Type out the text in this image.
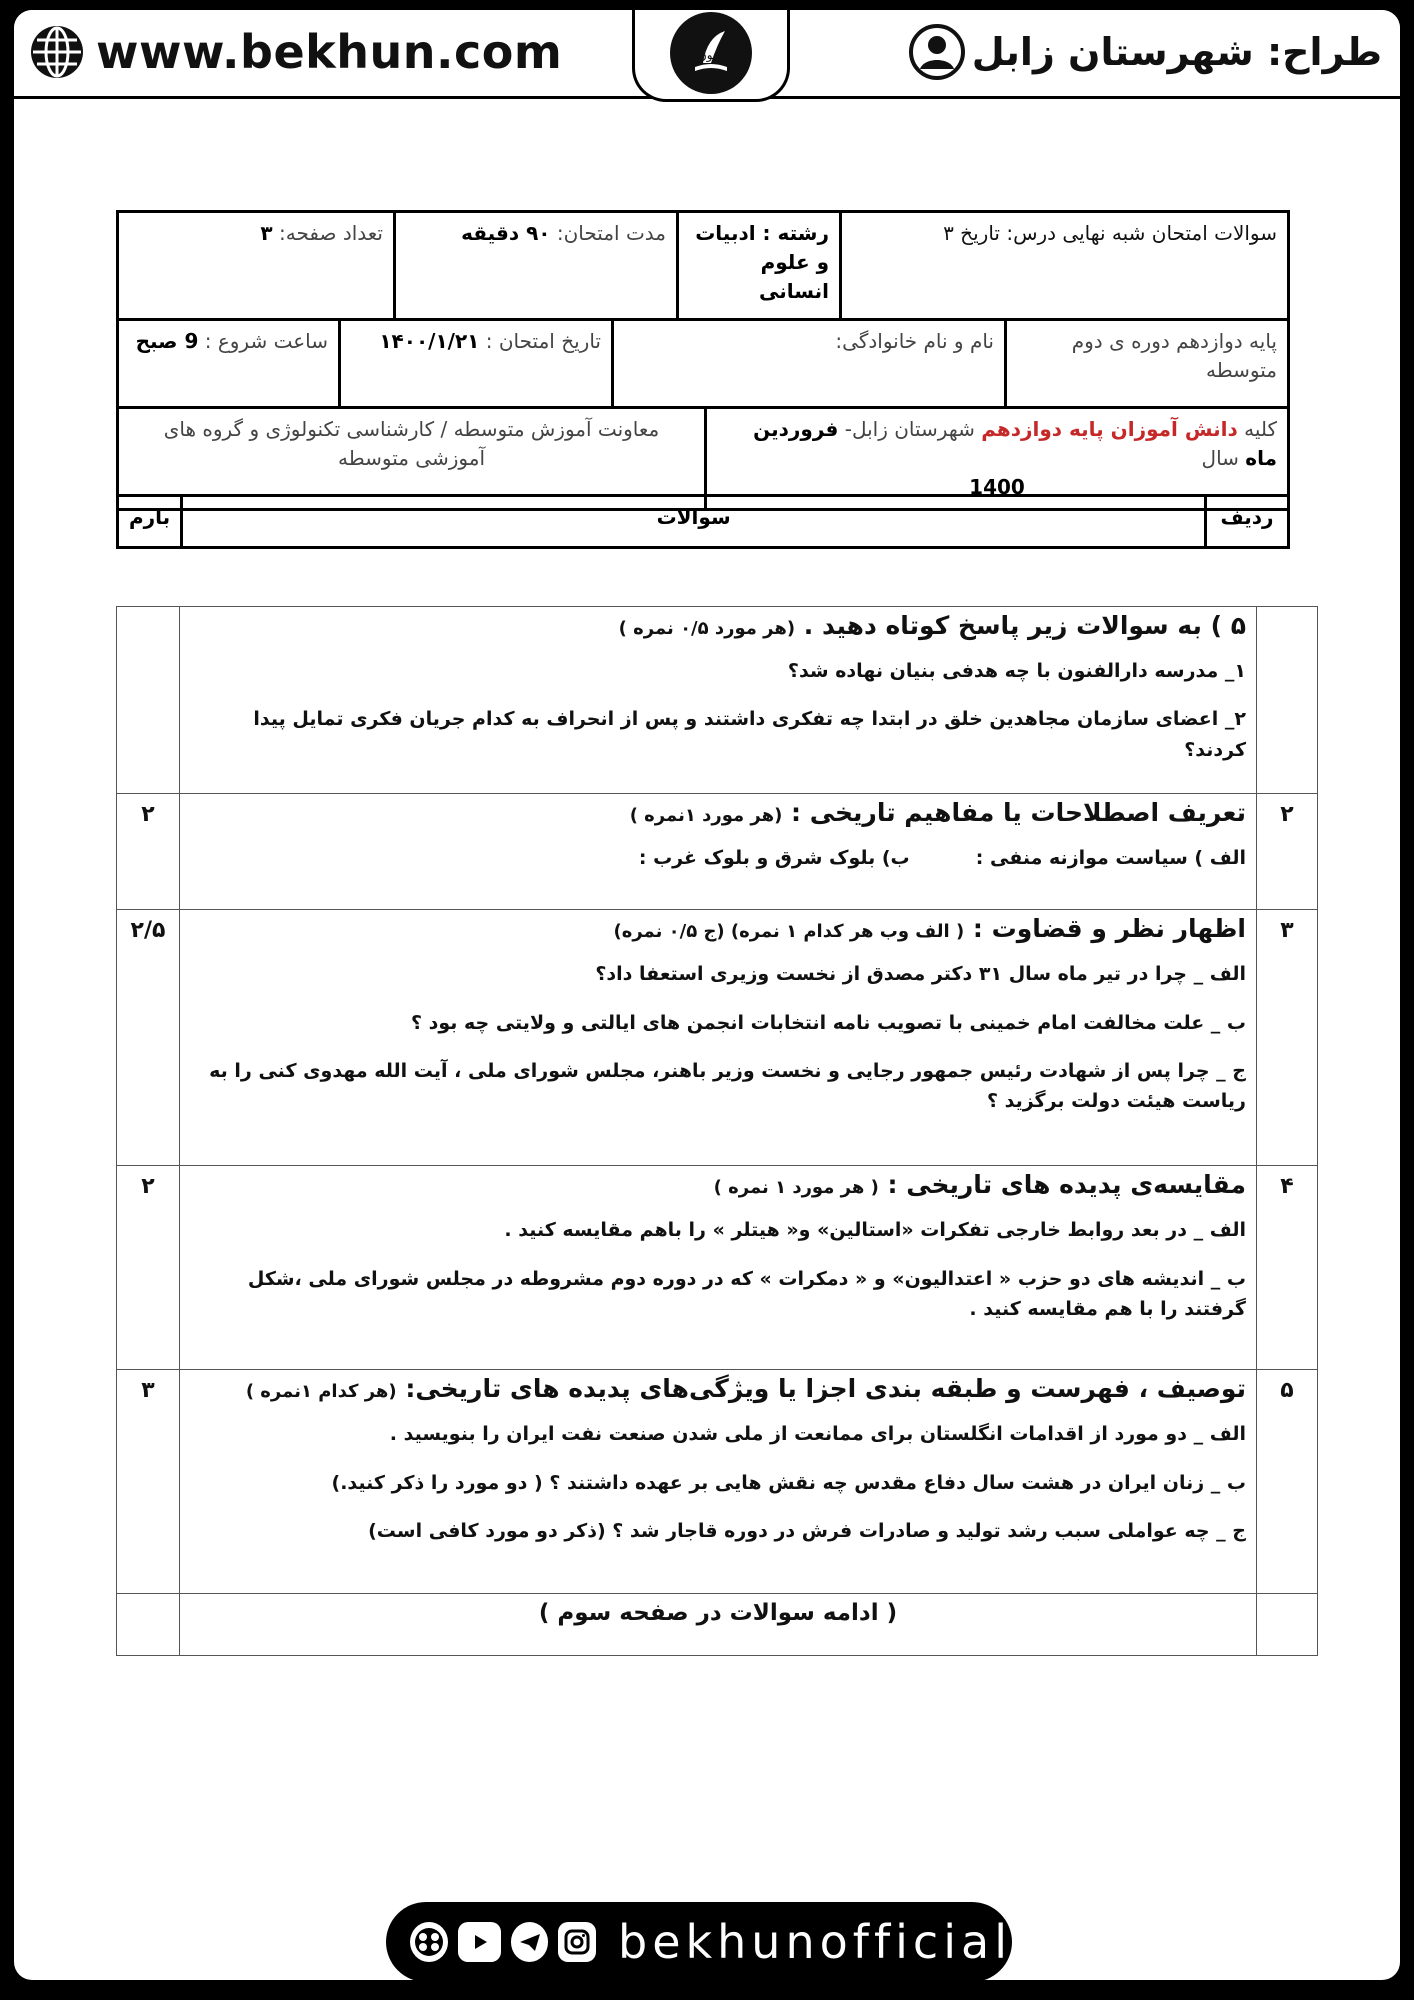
طراح: شهرستان زابل
بخون
www.bekhun.com
سوالات امتحان شبه نهایی درس: تاریخ ۳	رشته : ادبیات و علوم انسانی	مدت امتحان: ۹۰ دقیقه	تعداد صفحه: ۳
پایه دوازدهم دوره ی دوم متوسطه	نام و نام خانوادگی:	تاریخ امتحان : ۱۴۰۰/۱/۲۱	ساعت شروع : 9 صبح
کلیه دانش آموزان پایه دوازدهم شهرستان زابل- فروردین ماه سال
1400
	معاونت آموزش متوسطه / کارشناسی تکنولوژی و گروه های آموزشی متوسطه
ردیف	سوالات	بارم

	۵ ) به سوالات زیر پاسخ کوتاه دهید . (هر مورد ۰/۵ نمره )
۱_ مدرسه دارالفنون با چه هدفی بنیان نهاده شد؟
۲_ اعضای سازمان مجاهدین خلق در ابتدا چه تفکری داشتند و پس از انحراف به کدام جریان فکری تمایل پیدا کردند؟	

۲	تعریف اصطلاحات یا مفاهیم تاریخی : (هر مورد ۱نمره )
الف ) سیاست موازنه منفی :          ب) بلوک شرق و بلوک غرب :	۲
۳	اظهار نظر و قضاوت : ( الف وب هر کدام ۱ نمره) (ج ۰/۵ نمره)
الف _ چرا در تیر ماه سال ۳۱ دکتر مصدق از نخست وزیری استعفا داد؟
ب _ علت مخالفت امام خمینی با تصویب نامه انتخابات انجمن های ایالتی و ولایتی چه بود ؟
ج _ چرا پس از شهادت رئیس جمهور رجایی و نخست وزیر باهنر، مجلس شورای ملی ، آیت الله مهدوی کنی را به ریاست هیئت دولت برگزید ؟	۲/۵
۴	مقایسه‌ی پدیده های تاریخی : ( هر مورد ۱ نمره )
الف _ در بعد روابط خارجی تفکرات «استالین» و« هیتلر » را باهم مقایسه کنید .
ب _ اندیشه های دو حزب « اعتدالیون» و « دمکرات » که در دوره دوم مشروطه در مجلس شورای ملی ،شکل گرفتند را با هم مقایسه کنید .	۲
۵	توصیف ، فهرست و طبقه بندی اجزا یا ویژگی‌های پدیده های تاریخی: (هر کدام ۱نمره )
الف _ دو مورد از اقدامات انگلستان برای ممانعت از ملی شدن صنعت نفت ایران را بنویسید .
ب _ زنان ایران در هشت سال دفاع مقدس چه نقش هایی بر عهده داشتند ؟ ( دو مورد را ذکر کنید.)
ج _ چه عواملی سبب رشد تولید و صادرات فرش در دوره قاجار شد ؟ (ذکر دو مورد کافی است)	۳
	( ادامه سوالات در صفحه سوم )	
bekhunofficial
